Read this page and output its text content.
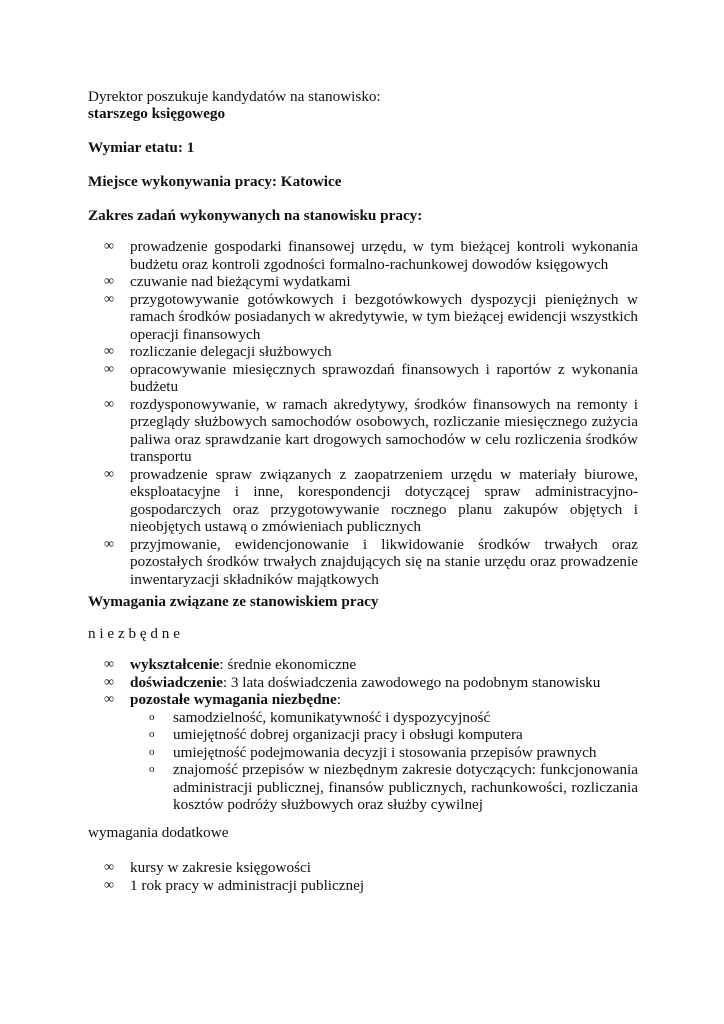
Dyrektor poszukuje kandydatów na stanowisko:

starszego księgowego

Wymiar etatu: 1

Miejsce wykonywania pracy: Katowice

Zakres zadań wykonywanych na stanowisku pracy:

∞ prowadzenie gospodarki finansowej urzędu, w tym bieżącej kontroli wykonania budżetu oraz kontroli zgodności formalno-rachunkowej dowodów księgowych
∞ czuwanie nad bieżącymi wydatkami
∞ przygotowywanie gotówkowych i bezgotówkowych dyspozycji pieniężnych w ramach środków posiadanych w akredytywie, w tym bieżącej ewidencji wszystkich operacji finansowych
∞ rozliczanie delegacji służbowych
∞ opracowywanie miesięcznych sprawozdań finansowych i raportów z wykonania budżetu
∞ rozdysponowywanie, w ramach akredytywy, środków finansowych na remonty i przeglądy służbowych samochodów osobowych, rozliczanie miesięcznego zużycia paliwa oraz sprawdzanie kart drogowych samochodów w celu rozliczenia środków transportu
∞ prowadzenie spraw związanych z zaopatrzeniem urzędu w materiały biurowe, eksploatacyjne i inne, korespondencji dotyczącej spraw administracyjno-gospodarczych oraz przygotowywanie rocznego planu zakupów objętych i nieobjętych ustawą o zmówieniach publicznych
∞ przyjmowanie, ewidencjonowanie i likwidowanie środków trwałych oraz pozostałych środków trwałych znajdujących się na stanie urzędu oraz prowadzenie inwentaryzacji składników majątkowych

Wymagania związane ze stanowiskiem pracy

n i e z b ę d n e

∞ wykształcenie: średnie ekonomiczne
∞ doświadczenie: 3 lata doświadczenia zawodowego na podobnym stanowisku
∞ pozostałe wymagania niezbędne:
o samodzielność, komunikatywność i dyspozycyjność
o umiejętność dobrej organizacji pracy i obsługi komputera
o umiejętność podejmowania decyzji i stosowania przepisów prawnych
o znajomość przepisów w niezbędnym zakresie dotyczących: funkcjonowania administracji publicznej, finansów publicznych, rachunkowości, rozliczania kosztów podróży służbowych oraz służby cywilnej

wymagania dodatkowe

∞ kursy w zakresie księgowości
∞ 1 rok pracy w administracji publicznej
